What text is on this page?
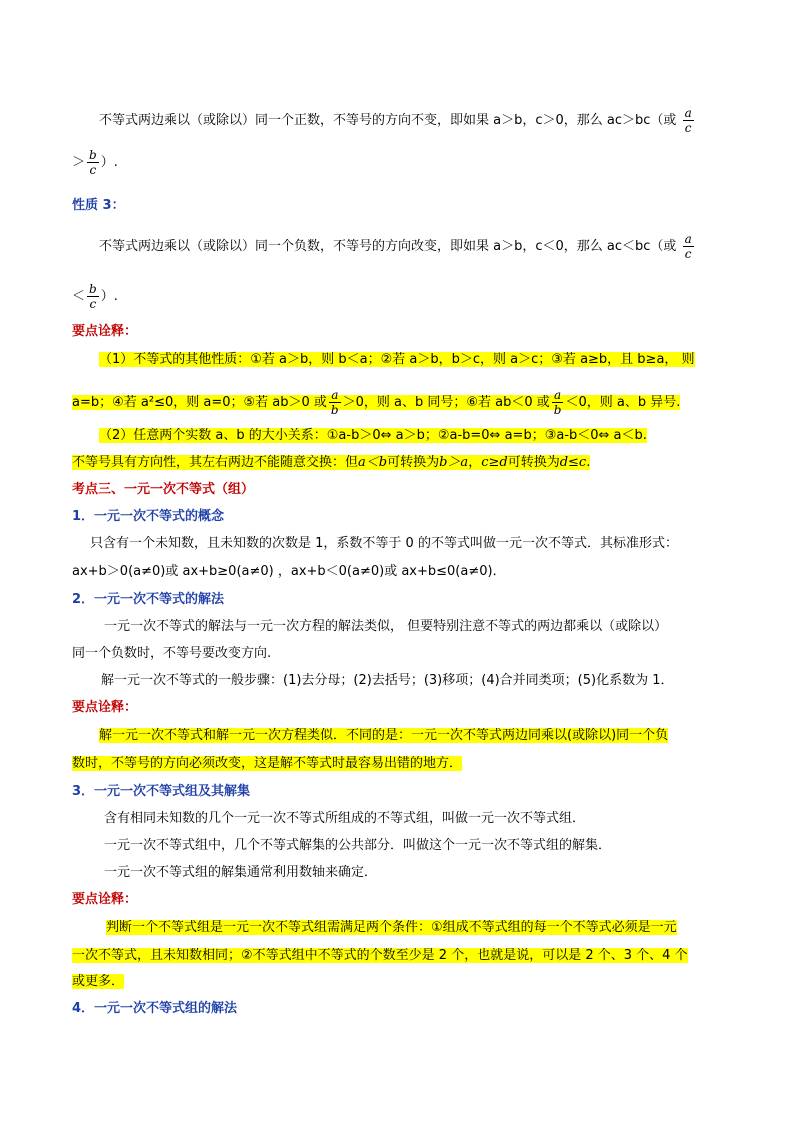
不等式两边乘以（或除以）同一个正数，不等号的方向不变，即如果 a＞b，c＞0，那么 ac＞bc（或 $\frac{a}{c}$
＞ $\frac{b}{c}$ ）.
性质 3：
不等式两边乘以（或除以）同一个负数，不等号的方向改变，即如果 a＞b，c＜0，那么 ac＜bc（或 $\frac{a}{c}$
＜ $\frac{b}{c}$ ）.
要点诠释：
（1）不等式的其他性质：①若 a＞b，则 b＜a；②若 a＞b，b＞c，则 a＞c；③若 a≥b，且 b≥a， 则
a=b；④若 a²≤0，则 a=0；⑤若 ab＞0 或 $\frac{a}{b} >0$，则 a、b 同号；⑥若 ab＜0 或 $\frac{a}{b} <0$，则 a、b 异号.
（2）任意两个实数 a、b 的大小关系：①a-b＞0⇔ a＞b；②a-b=0⇔ a=b；③a-b＜0⇔ a＜b.
不等号具有方向性，其左右两边不能随意交换：但a＜b可转换为b＞a，c≥d可转换为d≤c.
考点三、一元一次不等式（组）
1．一元一次不等式的概念
只含有一个未知数，且未知数的次数是 1，系数不等于 0 的不等式叫做一元一次不等式．其标准形式：
ax+b＞0(a≠0)或 ax+b≥0(a≠0) ，ax+b＜0(a≠0)或 ax+b≤0(a≠0)．
2．一元一次不等式的解法
一元一次不等式的解法与一元一次方程的解法类似， 但要特别注意不等式的两边都乘以（或除以）
同一个负数时，不等号要改变方向.
解一元一次不等式的一般步骤：(1)去分母；(2)去括号；(3)移项；(4)合并同类项；(5)化系数为 1．
要点诠释：
解一元一次不等式和解一元一次方程类似．不同的是：一元一次不等式两边同乘以(或除以)同一个负
数时，不等号的方向必须改变，这是解不等式时最容易出错的地方．
3．一元一次不等式组及其解集
含有相同未知数的几个一元一次不等式所组成的不等式组，叫做一元一次不等式组．
一元一次不等式组中，几个不等式解集的公共部分．叫做这个一元一次不等式组的解集．
一元一次不等式组的解集通常利用数轴来确定．
要点诠释：
判断一个不等式组是一元一次不等式组需满足两个条件：①组成不等式组的每一个不等式必须是一元
一次不等式，且未知数相同；②不等式组中不等式的个数至少是 2 个，也就是说，可以是 2 个、3 个、4 个
或更多．
4．一元一次不等式组的解法
